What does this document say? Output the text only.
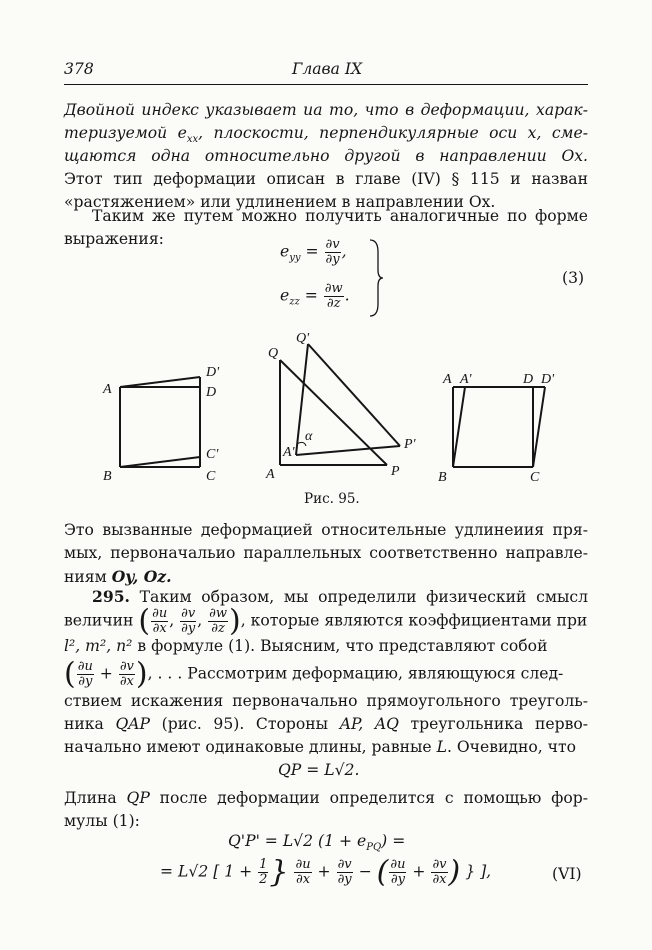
378	Глава IX
Двойной индекс указывает иа то, что в деформации, харак-
теризуемой $e_{xx}$, плоскости, перпендикулярные оси x, сме-
щаются одна относительно другой в направлении Ox.
Этот тип деформации описан в главе (IV) § 115 и назван
«растяжением» или удлинением в направлении Ox.
Таким же путем можно получить аналогичные по форме
выражения:
$e_{yy} = \frac{\partial v}{\partial y}$ ,
$e_{zz} = \frac{\partial w}{\partial z}$ .
(3)
A
D'
D
B
C'
C
Q'
Q
α
A'
P'
A	P
A A'	D D'
B	C
Рис. 95.
Это вызванные деформацией относительные удлинеиия пря-
мых, первоначальио параллельных соответственно направле-
ниям Oy, Oz.
295. Таким образом, мы определили физический смысл
величин ( $\frac{\partial u}{\partial x}$ , $\frac{\partial v}{\partial y}$ , $\frac{\partial w}{\partial z}$ ), которые являются коэффициентами при
l², m², n² в формуле (1). Выясним, что представляют собой
( $\frac{\partial u}{\partial y} + \frac{\partial v}{\partial x}$ ), . . . Рассмотрим деформацию, являющуюся след-
ствием искажения первоначально прямоугольного треуголь-
ника QAP (рис. 95). Стороны AP, AQ треугольника перво-
начально имеют одинаковые длины, равные L. Очевидно, что
QP = L√2.
Длина QP после деформации определится с помощью фор-
мулы (1):
Q'P' = L√2 $(1 + e_{PQ})$ =
= L√2 [ $1 + \frac{1}{2}$ } $\frac{\partial u}{\partial x} + \frac{\partial v}{\partial y}$ − ( $\frac{\partial u}{\partial y} + \frac{\partial v}{\partial x}$ ) } ],	(VI)
